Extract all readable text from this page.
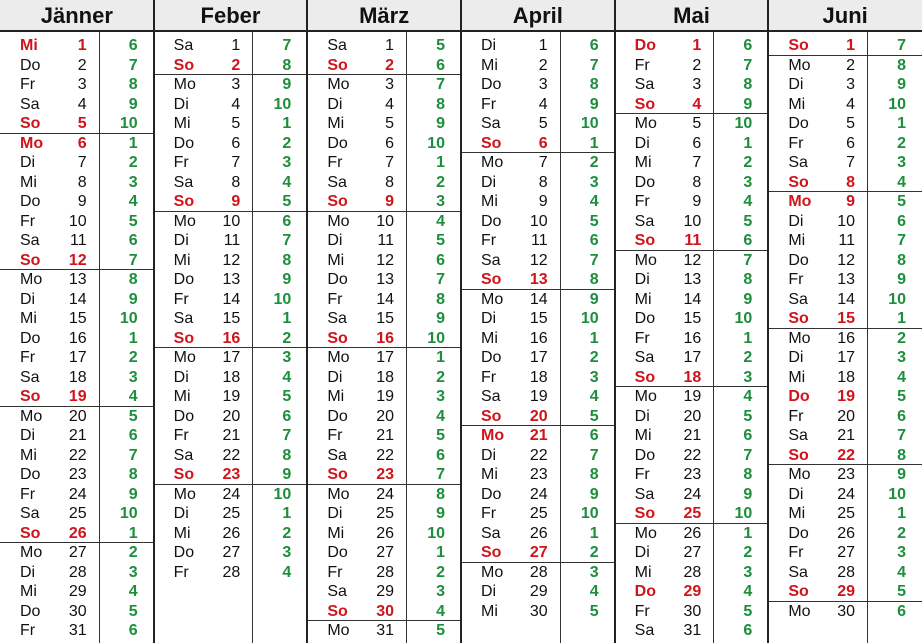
Jänner
Mi	1	6
Do	2	7
Fr	3	8
Sa	4	9
So	5	10
Mo	6	1
Di	7	2
Mi	8	3
Do	9	4
Fr	10	5
Sa	11	6
So	12	7
Mo	13	8
Di	14	9
Mi	15	10
Do	16	1
Fr	17	2
Sa	18	3
So	19	4
Mo	20	5
Di	21	6
Mi	22	7
Do	23	8
Fr	24	9
Sa	25	10
So	26	1
Mo	27	2
Di	28	3
Mi	29	4
Do	30	5
Fr	31	6
Feber
Sa	1	7
So	2	8
Mo	3	9
Di	4	10
Mi	5	1
Do	6	2
Fr	7	3
Sa	8	4
So	9	5
Mo	10	6
Di	11	7
Mi	12	8
Do	13	9
Fr	14	10
Sa	15	1
So	16	2
Mo	17	3
Di	18	4
Mi	19	5
Do	20	6
Fr	21	7
Sa	22	8
So	23	9
Mo	24	10
Di	25	1
Mi	26	2
Do	27	3
Fr	28	4
März
Sa	1	5
So	2	6
Mo	3	7
Di	4	8
Mi	5	9
Do	6	10
Fr	7	1
Sa	8	2
So	9	3
Mo	10	4
Di	11	5
Mi	12	6
Do	13	7
Fr	14	8
Sa	15	9
So	16	10
Mo	17	1
Di	18	2
Mi	19	3
Do	20	4
Fr	21	5
Sa	22	6
So	23	7
Mo	24	8
Di	25	9
Mi	26	10
Do	27	1
Fr	28	2
Sa	29	3
So	30	4
Mo	31	5
April
Di	1	6
Mi	2	7
Do	3	8
Fr	4	9
Sa	5	10
So	6	1
Mo	7	2
Di	8	3
Mi	9	4
Do	10	5
Fr	11	6
Sa	12	7
So	13	8
Mo	14	9
Di	15	10
Mi	16	1
Do	17	2
Fr	18	3
Sa	19	4
So	20	5
Mo	21	6
Di	22	7
Mi	23	8
Do	24	9
Fr	25	10
Sa	26	1
So	27	2
Mo	28	3
Di	29	4
Mi	30	5
Mai
Do	1	6
Fr	2	7
Sa	3	8
So	4	9
Mo	5	10
Di	6	1
Mi	7	2
Do	8	3
Fr	9	4
Sa	10	5
So	11	6
Mo	12	7
Di	13	8
Mi	14	9
Do	15	10
Fr	16	1
Sa	17	2
So	18	3
Mo	19	4
Di	20	5
Mi	21	6
Do	22	7
Fr	23	8
Sa	24	9
So	25	10
Mo	26	1
Di	27	2
Mi	28	3
Do	29	4
Fr	30	5
Sa	31	6
Juni
So	1	7
Mo	2	8
Di	3	9
Mi	4	10
Do	5	1
Fr	6	2
Sa	7	3
So	8	4
Mo	9	5
Di	10	6
Mi	11	7
Do	12	8
Fr	13	9
Sa	14	10
So	15	1
Mo	16	2
Di	17	3
Mi	18	4
Do	19	5
Fr	20	6
Sa	21	7
So	22	8
Mo	23	9
Di	24	10
Mi	25	1
Do	26	2
Fr	27	3
Sa	28	4
So	29	5
Mo	30	6
